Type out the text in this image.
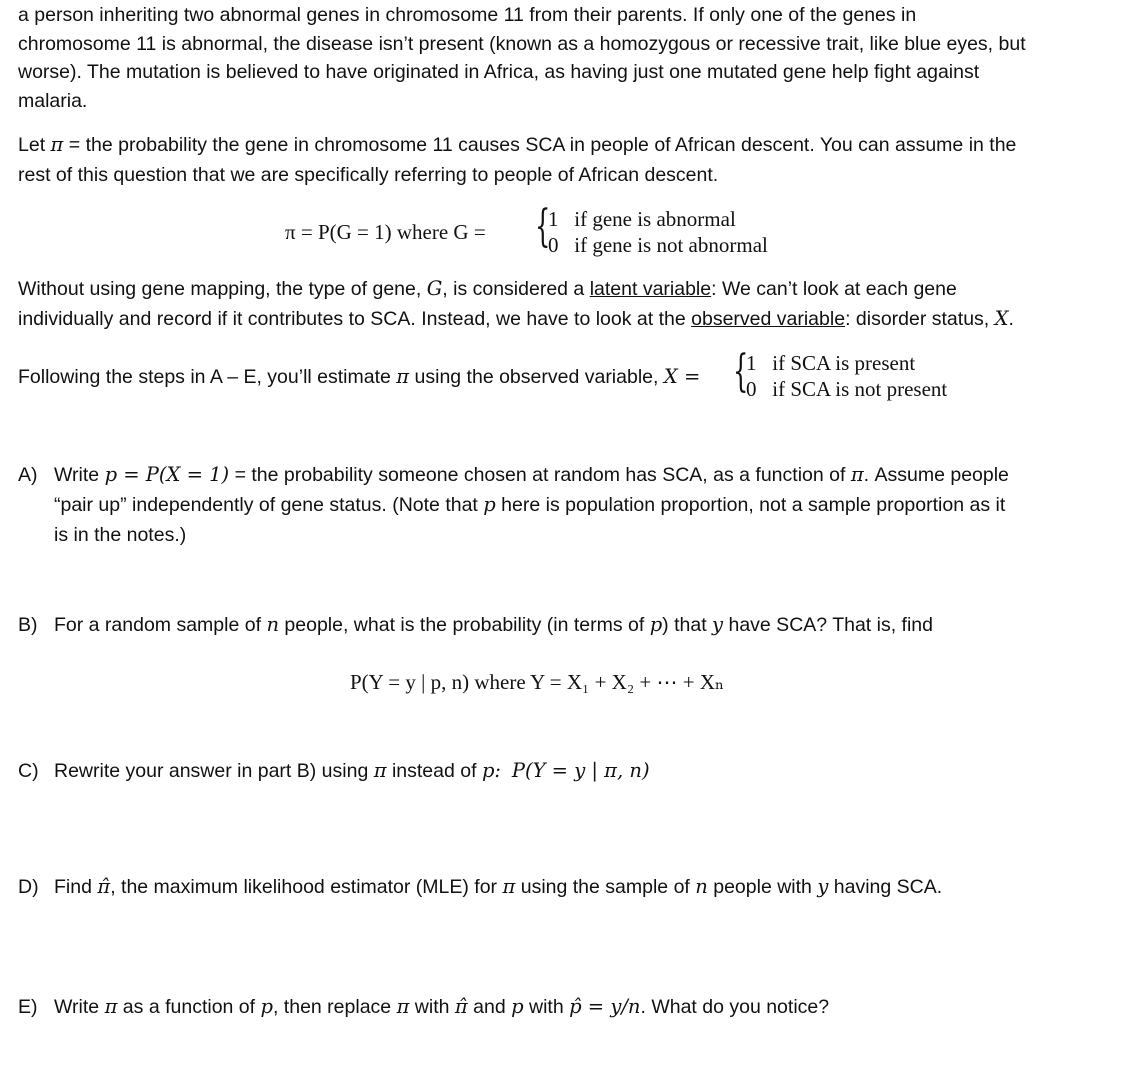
a person inheriting two abnormal genes in chromosome 11 from their parents. If only one of the genes in
chromosome 11 is abnormal, the disease isn’t present (known as a homozygous or recessive trait, like blue eyes, but
worse). The mutation is believed to have originated in Africa, as having just one mutated gene help fight against
malaria.
Let π = the probability the gene in chromosome 11 causes SCA in people of African descent. You can assume in the
rest of this question that we are specifically referring to people of African descent.
π = P(G = 1) where G = {
1 if gene is abnormal
0 if gene is not abnormal
Without using gene mapping, the type of gene, G, is considered a latent variable: We can’t look at each gene
individually and record if it contributes to SCA. Instead, we have to look at the observed variable: disorder status, X.
Following the steps in A – E, you’ll estimate π using the observed variable, X = {
1 if SCA is present
0 if SCA is not present
A) Write p = P(X = 1) = the probability someone chosen at random has SCA, as a function of π. Assume people
“pair up” independently of gene status. (Note that p here is population proportion, not a sample proportion as it
is in the notes.)
B) For a random sample of n people, what is the probability (in terms of p) that y have SCA? That is, find
P(Y = y | p, n) where Y = X₁ + X₂ + ⋯ + Xₙ
C) Rewrite your answer in part B) using π instead of p: P(Y = y | π, n)
D) Find π̂, the maximum likelihood estimator (MLE) for π using the sample of n people with y having SCA.
E) Write π as a function of p, then replace π with π̂ and p with p̂ = y/n. What do you notice?
